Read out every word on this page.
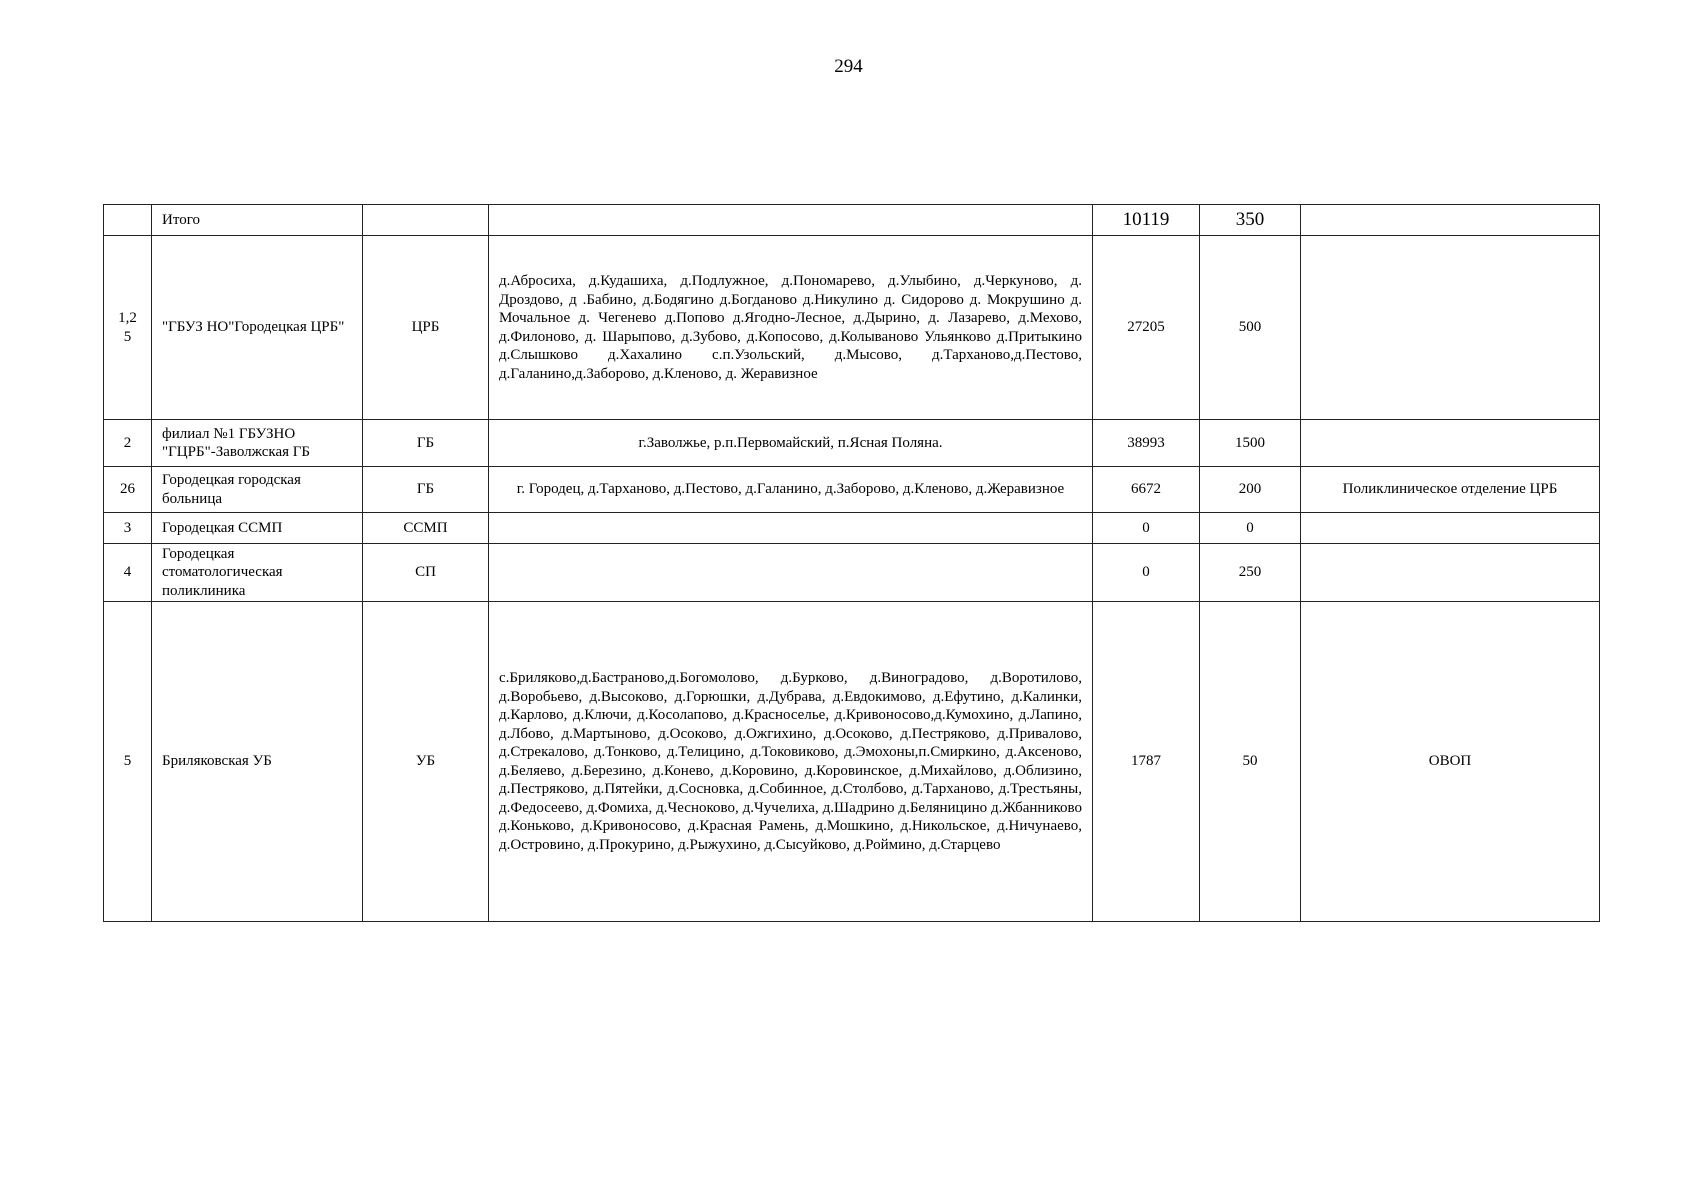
294
	Итого			10119	350	
1,2 5	"ГБУЗ НО"Городецкая ЦРБ"	ЦРБ	д.Абросиха, д.Кудашиха, д.Подлужное, д.Пономарево, д.Улыбино, д.Черкуново, д. Дроздово, д .Бабино, д.Бодягино д.Богданово д.Никулино д. Сидорово д. Мокрушино д. Мочальное д. Чегенево д.Попово д.Ягодно-Лесное, д.Дырино, д. Лазарево, д.Мехово, д.Филоново, д. Шарыпово, д.Зубово, д.Копосово, д.Колываново Ульянково д.Притыкино д.Слышково д.Хахалино с.п.Узольский, д.Мысово, д.Тарханово,д.Пестово, д.Галанино,д.Заборово, д.Кленово, д. Жеравизное	27205	500	
2	филиал №1 ГБУЗНО "ГЦРБ"-Заволжская ГБ	ГБ	г.Заволжье, р.п.Первомайский, п.Ясная Поляна.	38993	1500	
26	Городецкая городская больница	ГБ	г. Городец, д.Тарханово, д.Пестово, д.Галанино, д.Заборово, д.Кленово, д.Жеравизное	6672	200	Поликлиническое отделение ЦРБ
3	Городецкая ССМП	ССМП		0	0	
4	Городецкая стоматологическая поликлиника	СП		0	250	
5	Бриляковская УБ	УБ	с.Бриляково,д.Бастраново,д.Богомолово, д.Бурково, д.Виноградово, д.Воротилово, д.Воробьево, д.Высоково, д.Горюшки, д.Дубрава, д.Евдокимово, д.Ефутино, д.Калинки, д.Карлово, д.Ключи, д.Косолапово, д.Красноселье, д.Кривоносово,д.Кумохино, д.Лапино, д.Лбово, д.Мартыново, д.Осоково, д.Ожгихино, д.Осоково, д.Пестряково, д.Привалово, д.Стрекалово, д.Тонково, д.Телицино, д.Токовиково, д.Эмохоны,п.Смиркино, д.Аксеново, д.Беляево, д.Березино, д.Конево, д.Коровино, д.Коровинское, д.Михайлово, д.Облизино, д.Пестряково, д.Пятейки, д.Сосновка, д.Собинное, д.Столбово, д.Тарханово, д.Трестьяны, д.Федосеево, д.Фомиха, д.Чесноково, д.Чучелиха, д.Шадрино д.Беляницино д.Жбанниково д.Коньково, д.Кривоносово, д.Красная Рамень, д.Мошкино, д.Никольское, д.Ничунаево, д.Островино, д.Прокурино, д.Рыжухино, д.Сысуйково, д.Роймино, д.Старцево	1787	50	ОВОП
